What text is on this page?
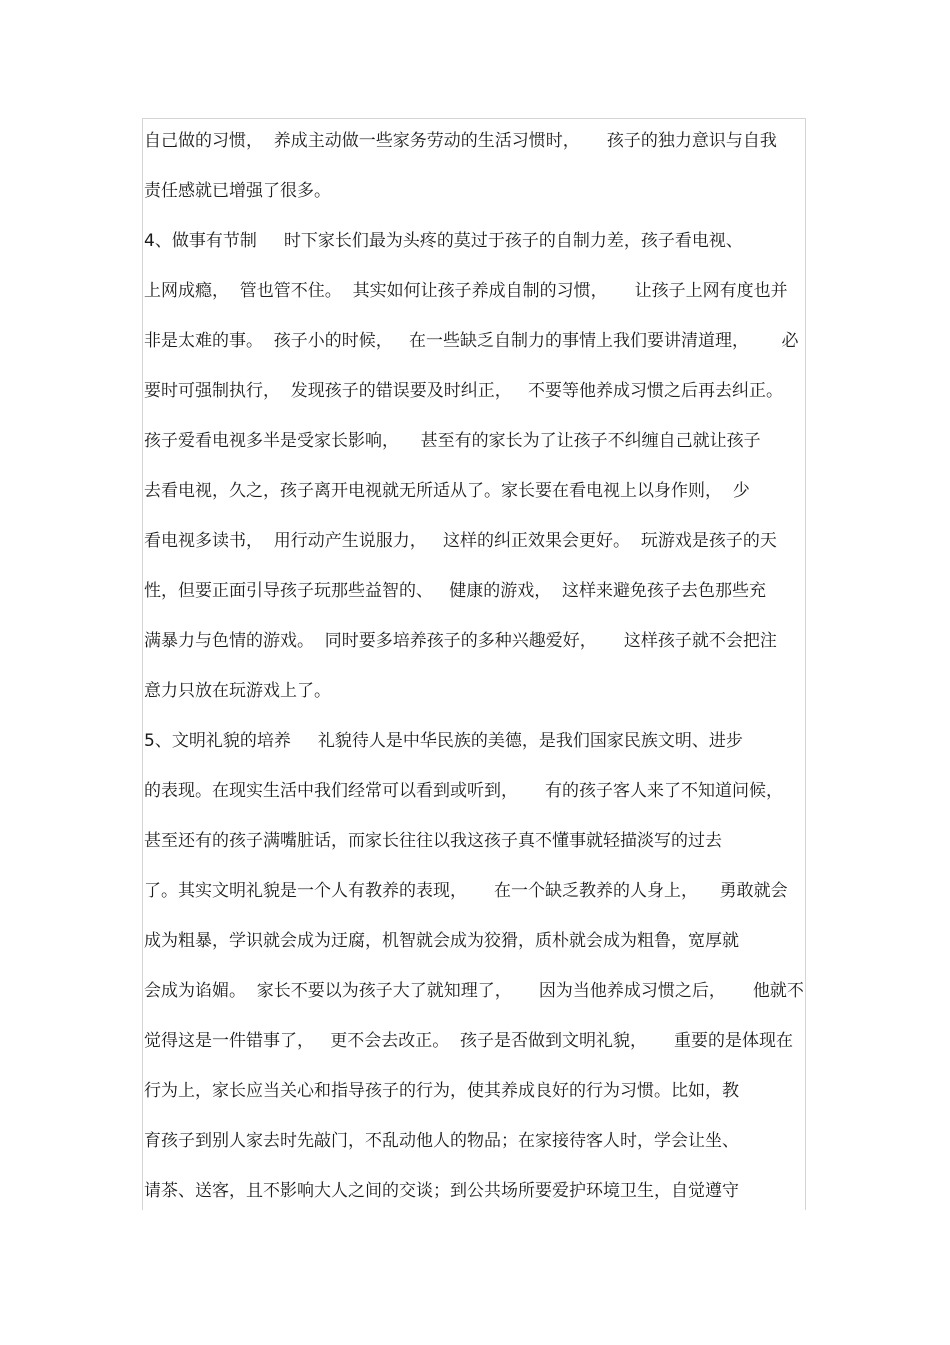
自己做的习惯，  养成主动做一些家务劳动的生活习惯时，     孩子的独力意识与自我
责任感就已增强了很多。
4、做事有节制     时下家长们最为头疼的莫过于孩子的自制力差，孩子看电视、
上网成瘾，  管也管不住。  其实如何让孩子养成自制的习惯，     让孩子上网有度也并
非是太难的事。  孩子小的时候，   在一些缺乏自制力的事情上我们要讲清道理，      必
要时可强制执行，  发现孩子的错误要及时纠正，   不要等他养成习惯之后再去纠正。
孩子爱看电视多半是受家长影响，    甚至有的家长为了让孩子不纠缠自己就让孩子
去看电视，久之，孩子离开电视就无所适从了。家长要在看电视上以身作则，  少
看电视多读书，  用行动产生说服力，   这样的纠正效果会更好。  玩游戏是孩子的天
性，但要正面引导孩子玩那些益智的、   健康的游戏，  这样来避免孩子去色那些充
满暴力与色情的游戏。  同时要多培养孩子的多种兴趣爱好，     这样孩子就不会把注
意力只放在玩游戏上了。
5、文明礼貌的培养     礼貌待人是中华民族的美德，是我们国家民族文明、进步
的表现。在现实生活中我们经常可以看到或听到，     有的孩子客人来了不知道问候，
甚至还有的孩子满嘴脏话，而家长往往以我这孩子真不懂事就轻描淡写的过去
了。其实文明礼貌是一个人有教养的表现，     在一个缺乏教养的人身上，    勇敢就会
成为粗暴，学识就会成为迂腐，机智就会成为狡猾，质朴就会成为粗鲁，宽厚就
会成为谄媚。  家长不要以为孩子大了就知理了，     因为当他养成习惯之后，     他就不
觉得这是一件错事了，   更不会去改正。  孩子是否做到文明礼貌，     重要的是体现在
行为上，家长应当关心和指导孩子的行为，使其养成良好的行为习惯。比如，教
育孩子到别人家去时先敲门，不乱动他人的物品；在家接待客人时，学会让坐、
请茶、送客，且不影响大人之间的交谈；到公共场所要爱护环境卫生，自觉遵守
